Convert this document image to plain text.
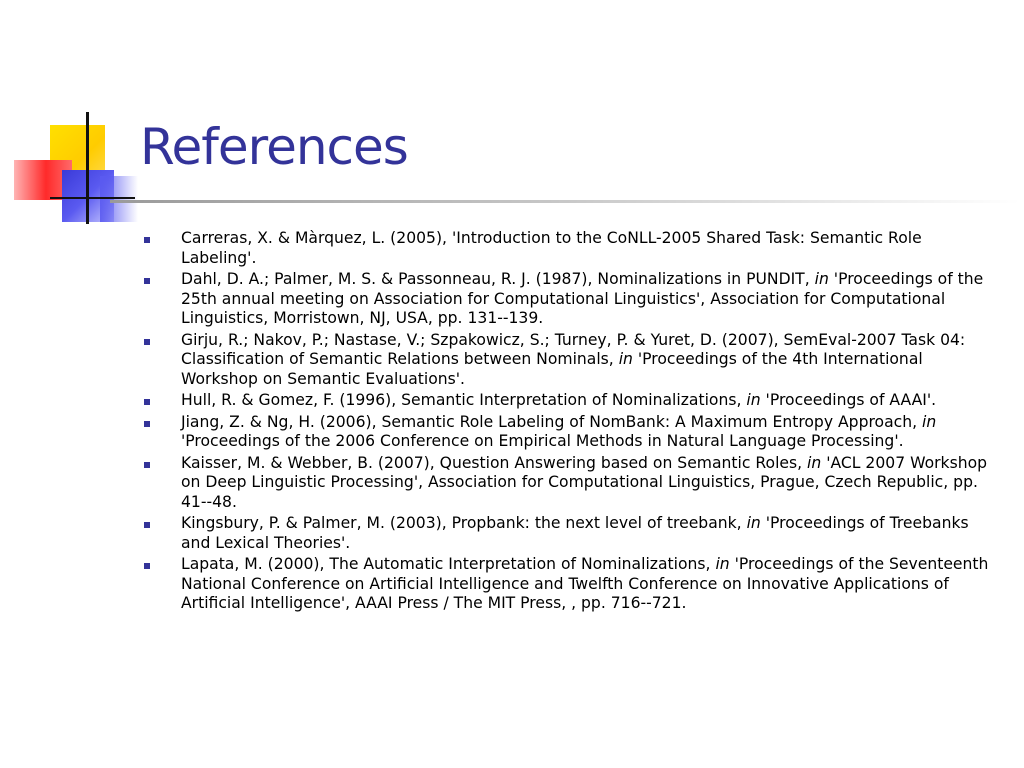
References
Carreras, X. & Màrquez, L. (2005), 'Introduction to the CoNLL-2005 Shared Task: Semantic Role Labeling'.
Dahl, D. A.; Palmer, M. S. & Passonneau, R. J. (1987), Nominalizations in PUNDIT, in 'Proceedings of the 25th annual meeting on Association for Computational Linguistics', Association for Computational Linguistics, Morristown, NJ, USA, pp. 131--139.
Girju, R.; Nakov, P.; Nastase, V.; Szpakowicz, S.; Turney, P. & Yuret, D. (2007), SemEval-2007 Task 04: Classification of Semantic Relations between Nominals, in 'Proceedings of the 4th International Workshop on Semantic Evaluations'.
Hull, R. & Gomez, F. (1996), Semantic Interpretation of Nominalizations, in 'Proceedings of AAAI'.
Jiang, Z. & Ng, H. (2006), Semantic Role Labeling of NomBank: A Maximum Entropy Approach, in 'Proceedings of the 2006 Conference on Empirical Methods in Natural Language Processing'.
Kaisser, M. & Webber, B. (2007), Question Answering based on Semantic Roles, in 'ACL 2007 Workshop on Deep Linguistic Processing', Association for Computational Linguistics, Prague, Czech Republic, pp. 41--48.
Kingsbury, P. & Palmer, M. (2003), Propbank: the next level of treebank, in 'Proceedings of Treebanks and Lexical Theories'.
Lapata, M. (2000), The Automatic Interpretation of Nominalizations, in 'Proceedings of the Seventeenth National Conference on Artificial Intelligence and Twelfth Conference on Innovative Applications of Artificial Intelligence', AAAI Press / The MIT Press, , pp. 716--721.
